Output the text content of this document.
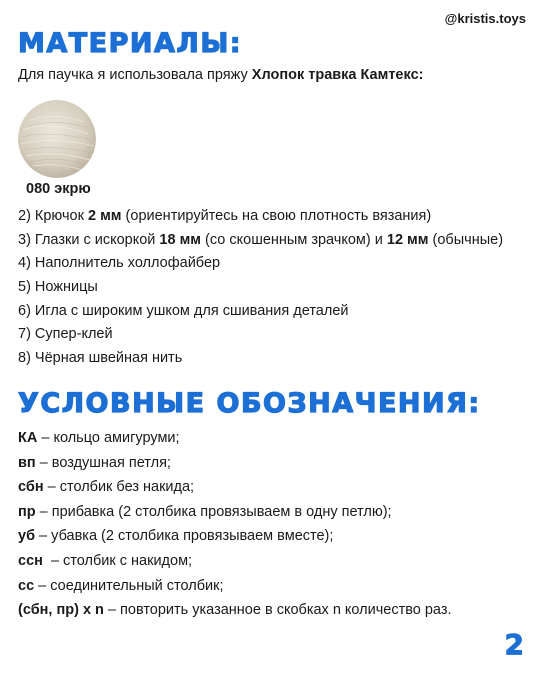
@kristis.toys
МАТЕРИАЛЫ:
Для паучка я использовала пряжу Хлопок травка Камтекс:
080 экрю
2) Крючок 2 мм (ориентируйтесь на свою плотность вязания)
3) Глазки с искоркой 18 мм (со скошенным зрачком) и 12 мм (обычные)
4) Наполнитель холлофайбер
5) Ножницы
6) Игла с широким ушком для сшивания деталей
7) Супер-клей
8) Чёрная швейная нить
УСЛОВНЫЕ ОБОЗНАЧЕНИЯ:
КА – кольцо амигуруми;
вп – воздушная петля;
сбн – столбик без накида;
пр – прибавка (2 столбика провязываем в одну петлю);
уб – убавка (2 столбика провязываем вместе);
ссн  – столбик с накидом;
сс – соединительный столбик;
(сбн, пр) x n – повторить указанное в скобках n количество раз.
2
